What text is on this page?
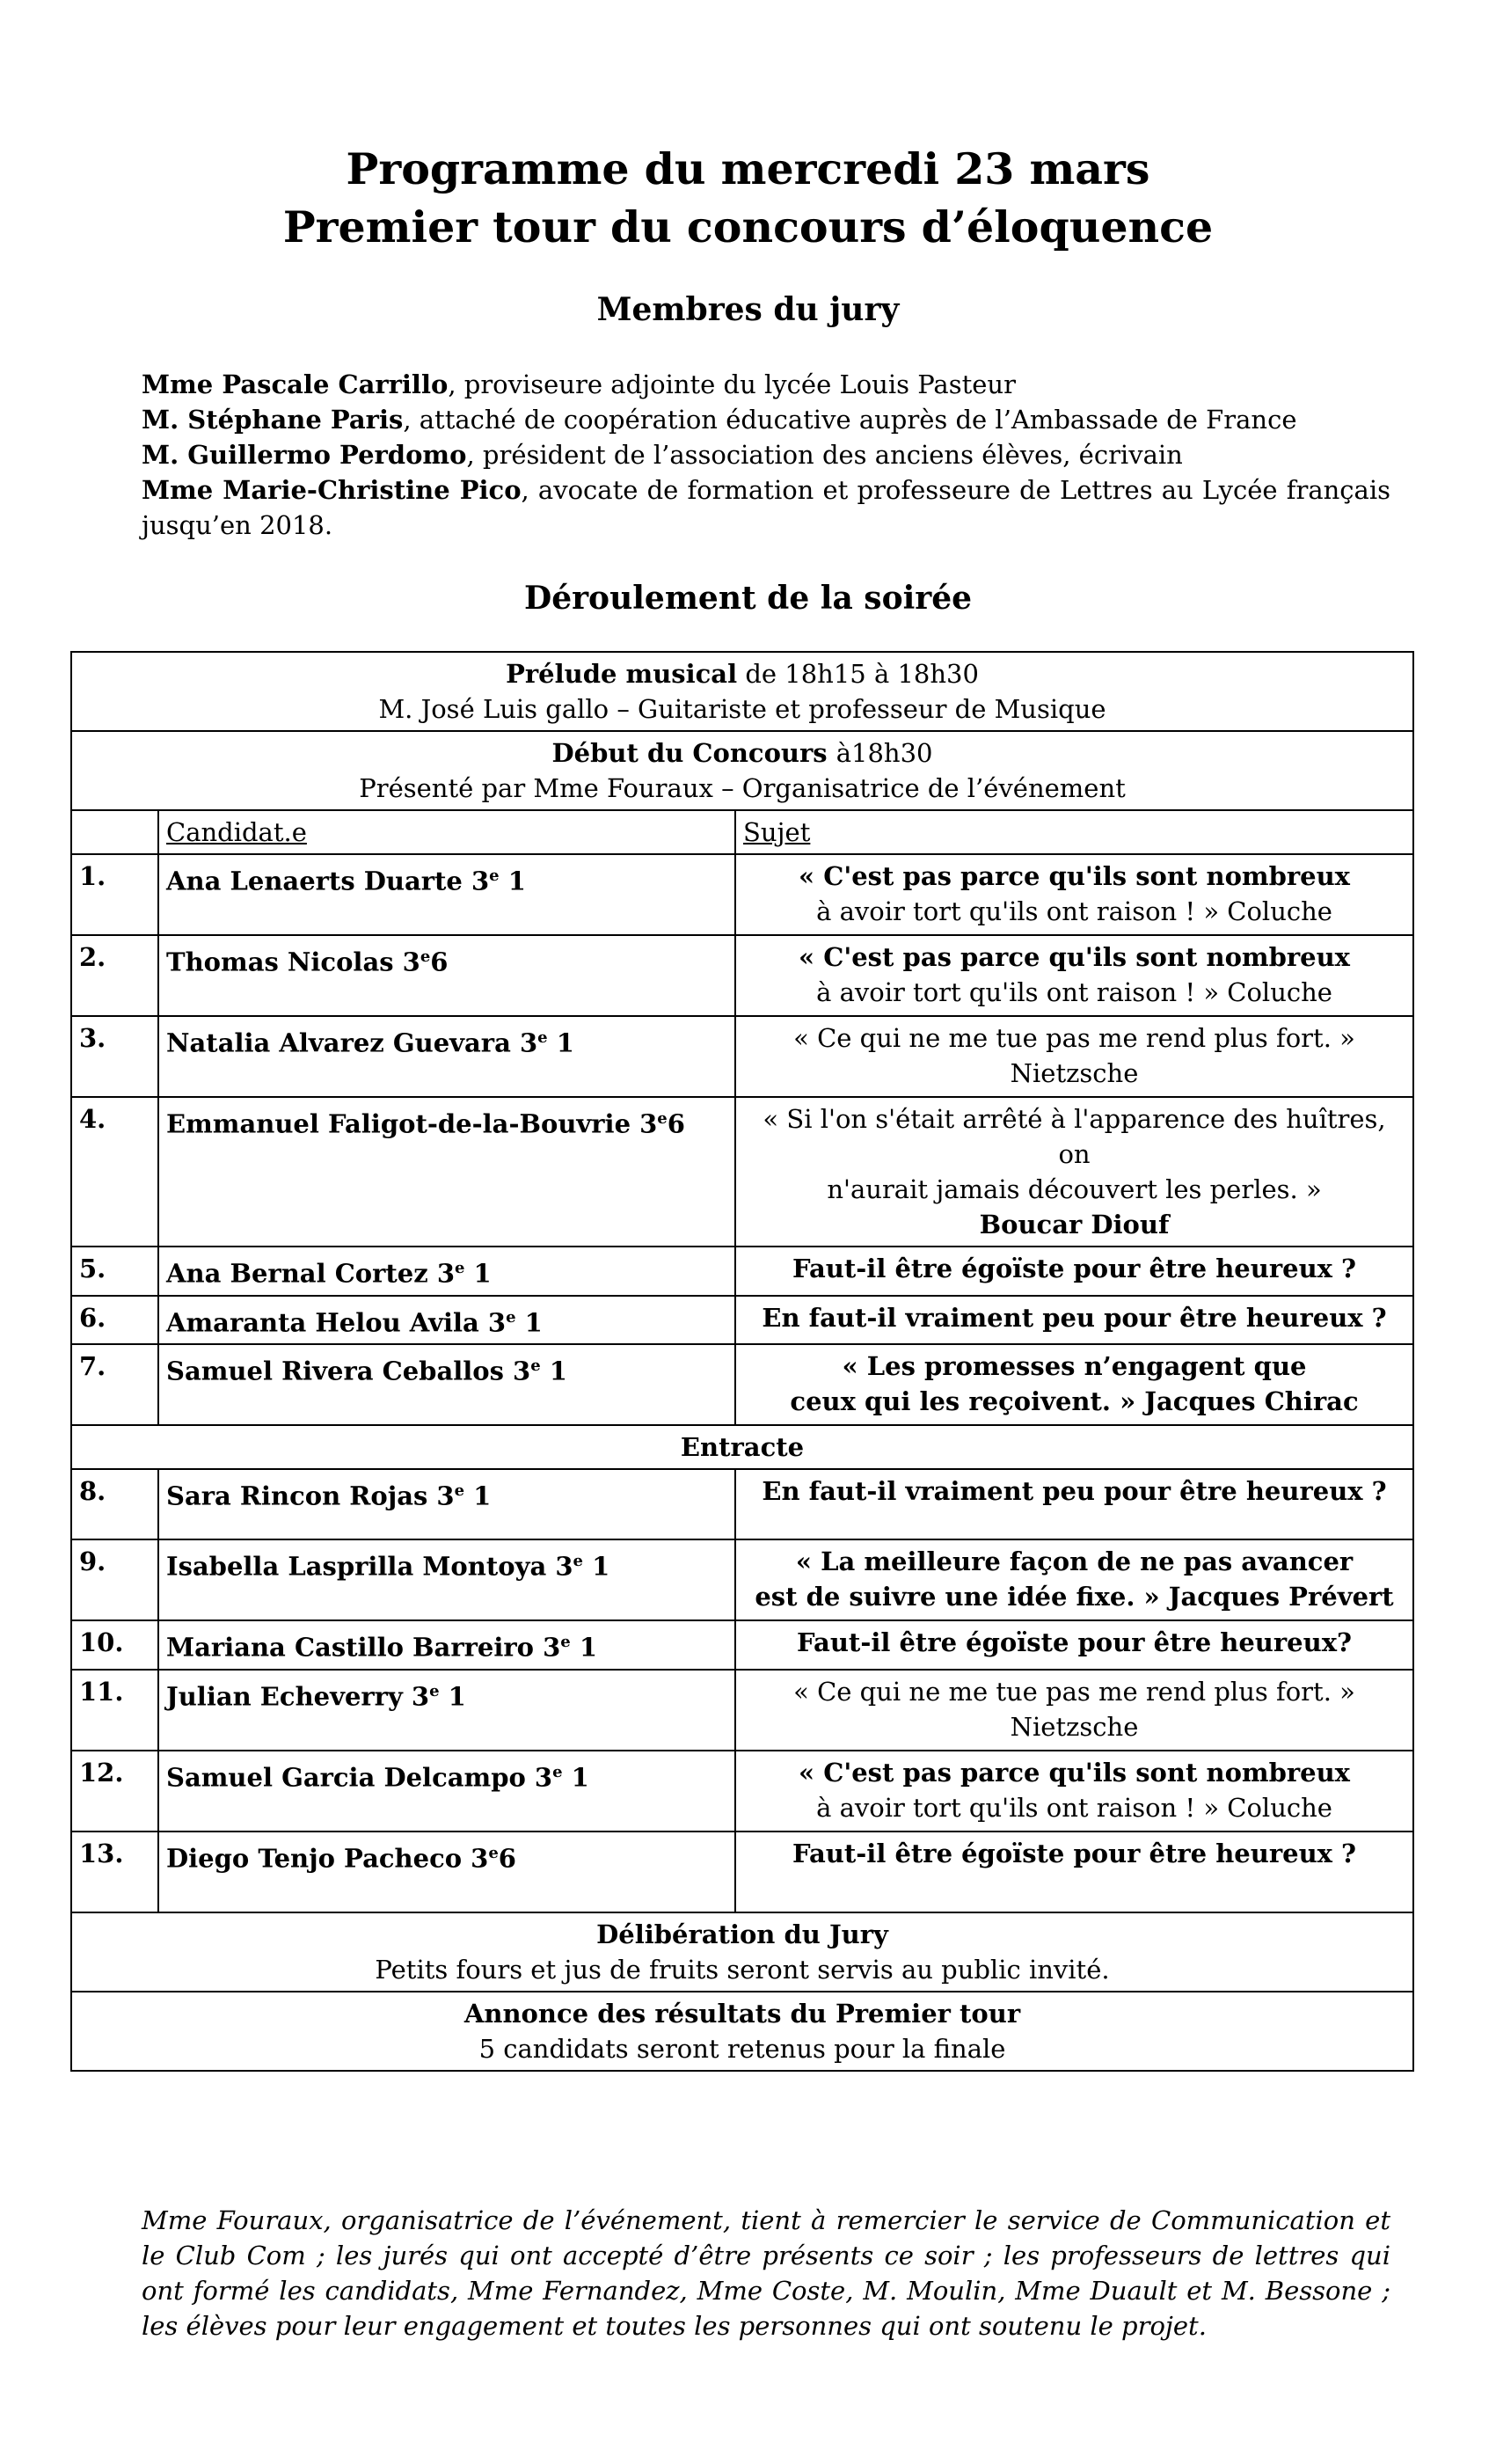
Programme du mercredi 23 mars
Premier tour du concours d’éloquence
Membres du jury

Mme Pascale Carrillo, proviseure adjointe du lycée Louis Pasteur

M. Stéphane Paris, attaché de coopération éducative auprès de l’Ambassade de France

M. Guillermo Perdomo, président de l’association des anciens élèves, écrivain

Mme Marie-Christine Pico, avocate de formation et professeure de Lettres au Lycée français jusqu’en 2018.

Déroulement de la soirée
Prélude musical de 18h15 à 18h30
M. José Luis gallo – Guitariste et professeur de Musique		
Début du Concours à18h30
Présenté par Mme Fouraux – Organisatrice de l’événement		
	Candidat.e	Sujet
1.	Ana Lenaerts Duarte 3e 1	« C'est pas parce qu'ils sont nombreux
à avoir tort qu'ils ont raison ! » Coluche
2.	Thomas Nicolas 3e6	« C'est pas parce qu'ils sont nombreux
à avoir tort qu'ils ont raison ! » Coluche
3.	Natalia Alvarez Guevara 3e 1	« Ce qui ne me tue pas me rend plus fort. »
Nietzsche
4.	Emmanuel Faligot-de-la-Bouvrie 3e6	« Si l'on s'était arrêté à l'apparence des huîtres, on
n'aurait jamais découvert les perles. »
Boucar Diouf
5.	Ana Bernal Cortez 3e 1	Faut-il être égoïste pour être heureux ?
6.	Amaranta Helou Avila 3e 1	En faut-il vraiment peu pour être heureux ?
7.	Samuel Rivera Ceballos 3e 1	« Les promesses n’engagent que
ceux qui les reçoivent. » Jacques Chirac
Entracte		
8.	Sara Rincon Rojas 3e 1	En faut-il vraiment peu pour être heureux ?
9.	Isabella Lasprilla Montoya 3e 1	« La meilleure façon de ne pas avancer
est de suivre une idée fixe. » Jacques Prévert
10.	Mariana Castillo Barreiro 3e 1	Faut-il être égoïste pour être heureux?
11.	Julian Echeverry 3e 1	« Ce qui ne me tue pas me rend plus fort. »
Nietzsche
12.	Samuel Garcia Delcampo 3e 1	« C'est pas parce qu'ils sont nombreux
à avoir tort qu'ils ont raison ! » Coluche
13.	Diego Tenjo Pacheco 3e6	Faut-il être égoïste pour être heureux ?
Délibération du Jury
Petits fours et jus de fruits seront servis au public invité.		
Annonce des résultats du Premier tour
5 candidats seront retenus pour la finale		
Mme Fouraux, organisatrice de l’événement, tient à remercier le service de Communication et le Club Com ; les jurés qui ont accepté d’être présents ce soir ; les professeurs de lettres qui ont formé les candidats, Mme Fernandez, Mme Coste, M. Moulin, Mme Duault et M. Bessone ; les élèves pour leur engagement et toutes les personnes qui ont soutenu le projet.
